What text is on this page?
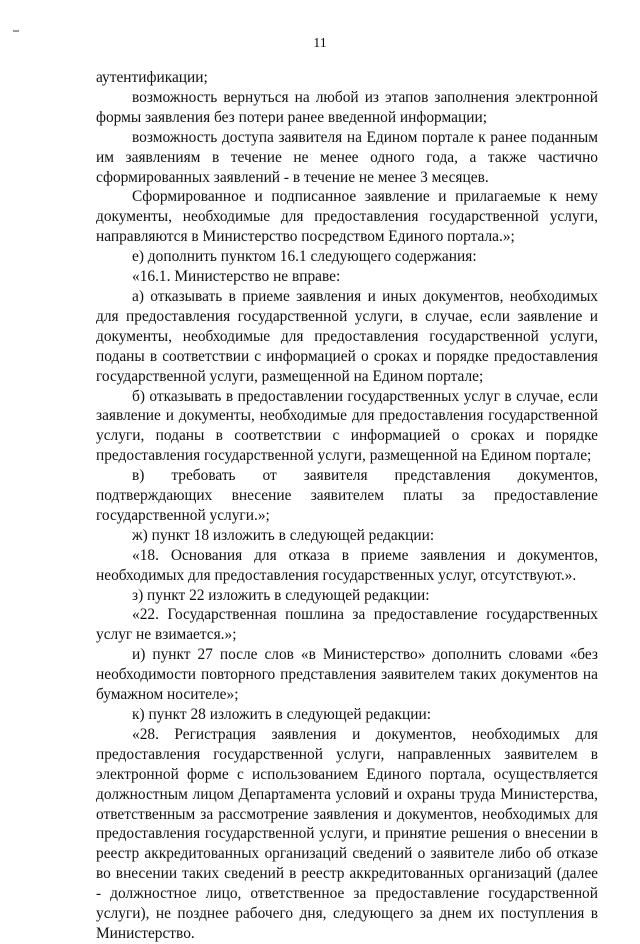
11

аутентификации;

возможность вернуться на любой из этапов заполнения электронной формы заявления без потери ранее введенной информации;

возможность доступа заявителя на Едином портале к ранее поданным им заявлениям в течение не менее одного года, а также частично сформированных заявлений - в течение не менее 3 месяцев.

Сформированное и подписанное заявление и прилагаемые к нему документы, необходимые для предоставления государственной услуги, направляются в Министерство посредством Единого портала.»;

е) дополнить пунктом 16.1 следующего содержания:

«16.1. Министерство не вправе:

а) отказывать в приеме заявления и иных документов, необходимых для предоставления государственной услуги, в случае, если заявление и документы, необходимые для предоставления государственной услуги, поданы в соответствии с информацией о сроках и порядке предоставления государственной услуги, размещенной на Едином портале;

б) отказывать в предоставлении государственных услуг в случае, если заявление и документы, необходимые для предоставления государственной услуги, поданы в соответствии с информацией о сроках и порядке предоставления государственной услуги, размещенной на Едином портале;

в) требовать от заявителя представления документов, подтверждающих внесение заявителем платы за предоставление государственной услуги.»;

ж) пункт 18 изложить в следующей редакции:

«18. Основания для отказа в приеме заявления и документов, необходимых для предоставления государственных услуг, отсутствуют.».

з) пункт 22 изложить в следующей редакции:

«22. Государственная пошлина за предоставление государственных услуг не взимается.»;

и) пункт 27 после слов «в Министерство» дополнить словами «без необходимости повторного представления заявителем таких документов на бумажном носителе»;

к) пункт 28 изложить в следующей редакции:

«28. Регистрация заявления и документов, необходимых для предоставления государственной услуги, направленных заявителем в электронной форме с использованием Единого портала, осуществляется должностным лицом Департамента условий и охраны труда Министерства, ответственным за рассмотрение заявления и документов, необходимых для предоставления государственной услуги, и принятие решения о внесении в реестр аккредитованных организаций сведений о заявителе либо об отказе во внесении таких сведений в реестр аккредитованных организаций (далее - должностное лицо, ответственное за предоставление государственной услуги), не позднее рабочего дня, следующего за днем их поступления в Министерство.
